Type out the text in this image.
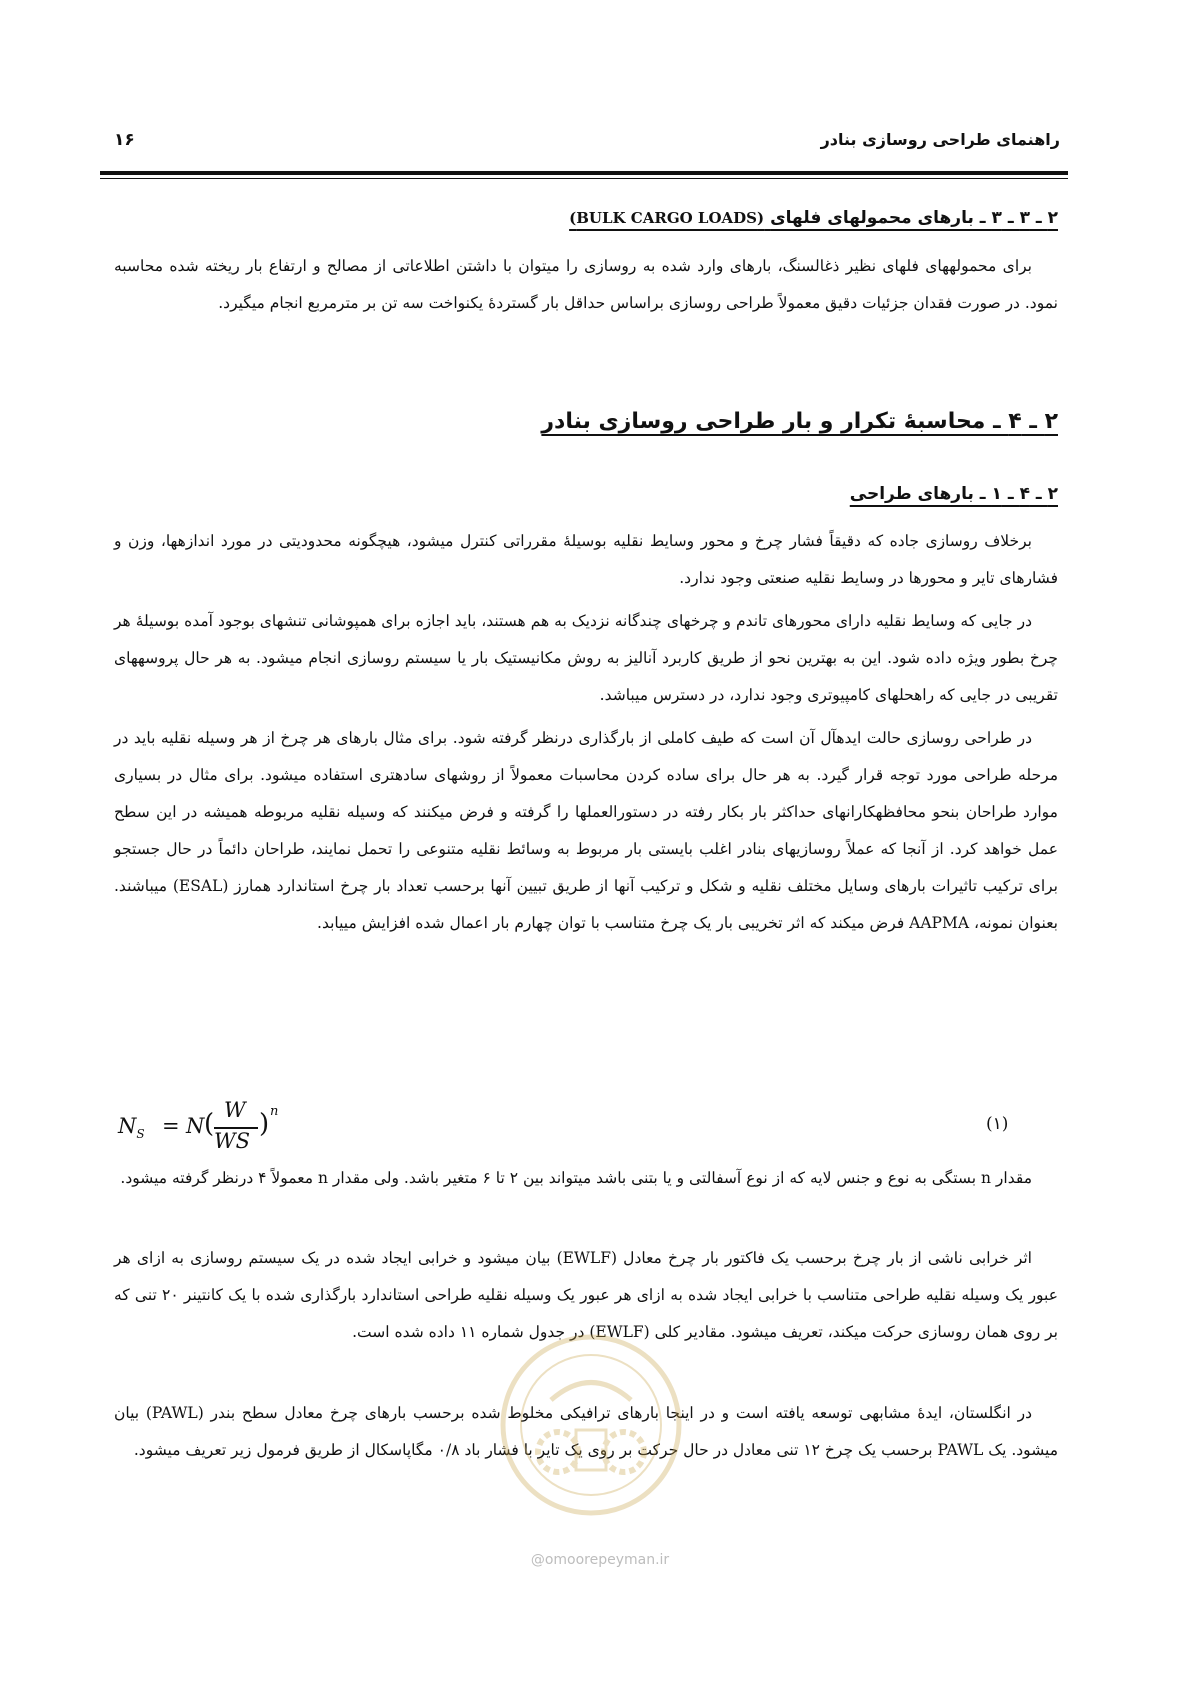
راهنمای طراحی روسازی بنادر
۱۶
۲ ـ ۳ ـ ۳ ـ بارهای محمولهای فلهای (BULK CARGO LOADS)
برای محمولههای فلهای نظیر ذغالسنگ، بارهای وارد شده به روسازی را میتوان با داشتن اطلاعاتی از مصالح و ارتفاع بار ریخته شده محاسبه نمود. در صورت فقدان جزئیات دقیق معمولاً طراحی روسازی براساس حداقل بار گستردهٔ یکنواخت سه تن بر مترمربع انجام میگیرد.
۲ ـ ۴ ـ محاسبهٔ تکرار و بار طراحی روسازی بنادر
۲ ـ ۴ ـ ۱ ـ بارهای طراحی
برخلاف روسازی جاده که دقیقاً فشار چرخ و محور وسایط نقلیه بوسیلهٔ مقرراتی کنترل میشود، هیچگونه محدودیتی در مورد اندازهها، وزن و فشارهای تایر و محورها در وسایط نقلیه صنعتی وجود ندارد.
در جایی که وسایط نقلیه دارای محورهای تاندم و چرخهای چندگانه نزدیک به هم هستند، باید اجازه برای همپوشانی تنشهای بوجود آمده بوسیلهٔ هر چرخ بطور ویژه داده شود. این به بهترین نحو از طریق کاربرد آنالیز به روش مکانیستیک بار یا سیستم روسازی انجام میشود. به هر حال پروسههای تقریبی در جایی که راهحلهای کامپیوتری وجود ندارد، در دسترس میباشد.
در طراحی روسازی حالت ایدهآل آن است که طیف کاملی از بارگذاری درنظر گرفته شود. برای مثال بارهای هر چرخ از هر وسیله نقلیه باید در مرحله طراحی مورد توجه قرار گیرد. به هر حال برای ساده کردن محاسبات معمولاً از روشهای سادهتری استفاده میشود. برای مثال در بسیاری موارد طراحان بنحو محافظهکارانهای حداکثر بار بکار رفته در دستورالعملها را گرفته و فرض میکنند که وسیله نقلیه مربوطه همیشه در این سطح عمل خواهد کرد. از آنجا که عملاً روسازیهای بنادر اغلب بایستی بار مربوط به وسائط نقلیه متنوعی را تحمل نمایند، طراحان دائماً در حال جستجو برای ترکیب تاثیرات بارهای وسایل مختلف نقلیه و شکل و ترکیب آنها از طریق تبیین آنها برحسب تعداد بار چرخ استاندارد همارز (ESAL) میباشند. بعنوان نمونه، AAPMA فرض میکند که اثر تخریبی بار یک چرخ متناسب با توان چهارم بار اعمال شده افزایش مییابد.
$N_S = N$ ( W
WS
) n
(۱)
مقدار n بستگی به نوع و جنس لایه که از نوع آسفالتی و یا بتنی باشد میتواند بین ۲ تا ۶ متغیر باشد. ولی مقدار n معمولاً ۴ درنظر گرفته میشود.
اثر خرابی ناشی از بار چرخ برحسب یک فاکتور بار چرخ معادل (EWLF) بیان میشود و خرابی ایجاد شده در یک سیستم روسازی به ازای هر عبور یک وسیله نقلیه طراحی متناسب با خرابی ایجاد شده به ازای هر عبور یک وسیله نقلیه طراحی استاندارد بارگذاری شده با یک کانتینر ۲۰ تنی که بر روی همان روسازی حرکت میکند، تعریف میشود. مقادیر کلی (EWLF) در جدول شماره ۱۱ داده شده است.
در انگلستان، ایدهٔ مشابهی توسعه یافته است و در اینجا بارهای ترافیکی مخلوط شده برحسب بارهای چرخ معادل سطح بندر (PAWL) بیان میشود. یک PAWL برحسب یک چرخ ۱۲ تنی معادل در حال حرکت بر روی یک تایر با فشار باد ۰/۸ مگاپاسکال از طریق فرمول زیر تعریف میشود.
@omoorepeyman.ir
